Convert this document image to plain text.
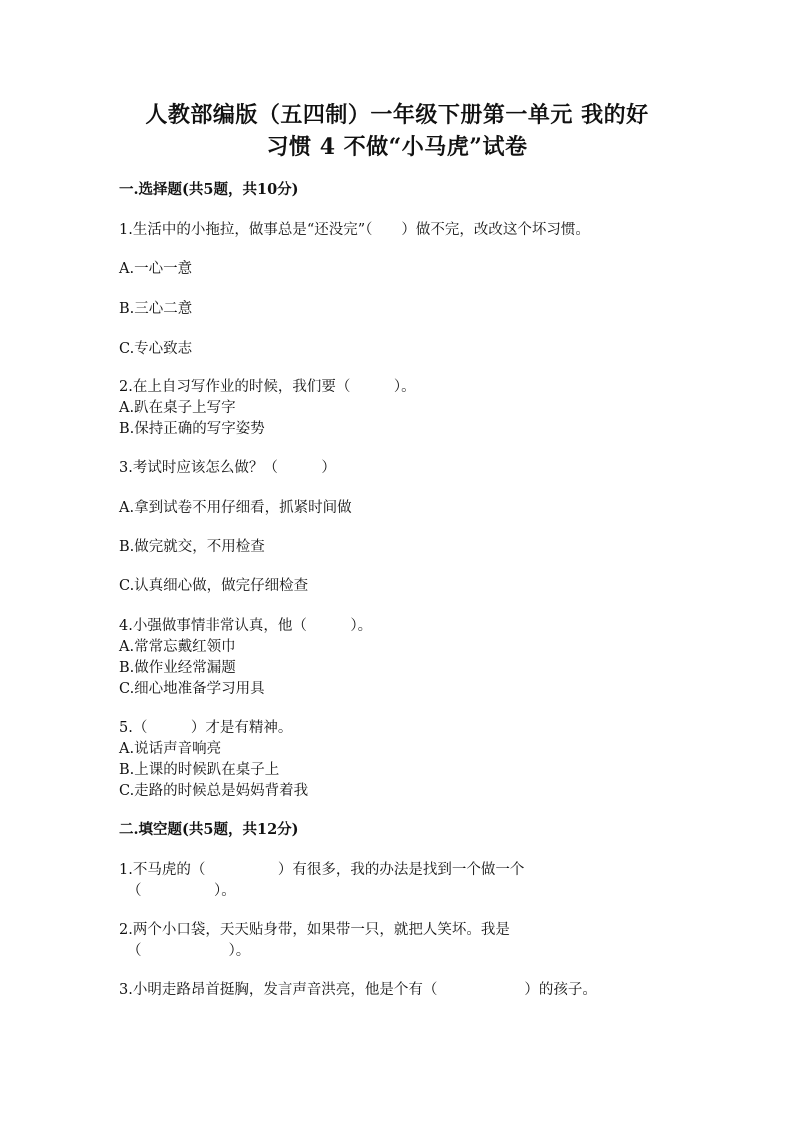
人教部编版（五四制）一年级下册第一单元 我的好
习惯 4 不做“小马虎”试卷
一.选择题(共5题，共10分)
1.生活中的小拖拉，做事总是“还没完”（　　）做不完，改改这个坏习惯。
A.一心一意
B.三心二意
C.专心致志
2.在上自习写作业的时候，我们要（　　　）。
A.趴在桌子上写字
B.保持正确的写字姿势
3.考试时应该怎么做？（　　　）
A.拿到试卷不用仔细看，抓紧时间做
B.做完就交，不用检查
C.认真细心做，做完仔细检查
4.小强做事情非常认真，他（　　　）。
A.常常忘戴红领巾
B.做作业经常漏题
C.细心地准备学习用具
5.（　　　）才是有精神。
A.说话声音响亮
B.上课的时候趴在桌子上
C.走路的时候总是妈妈背着我
二.填空题(共5题，共12分)
1.不马虎的（　　　　　）有很多，我的办法是找到一个做一个
（　　　　　）。
2.两个小口袋，天天贴身带，如果带一只，就把人笑坏。我是
（　　　　　　）。
3.小明走路昂首挺胸，发言声音洪亮，他是个有（　　　　　　）的孩子。
